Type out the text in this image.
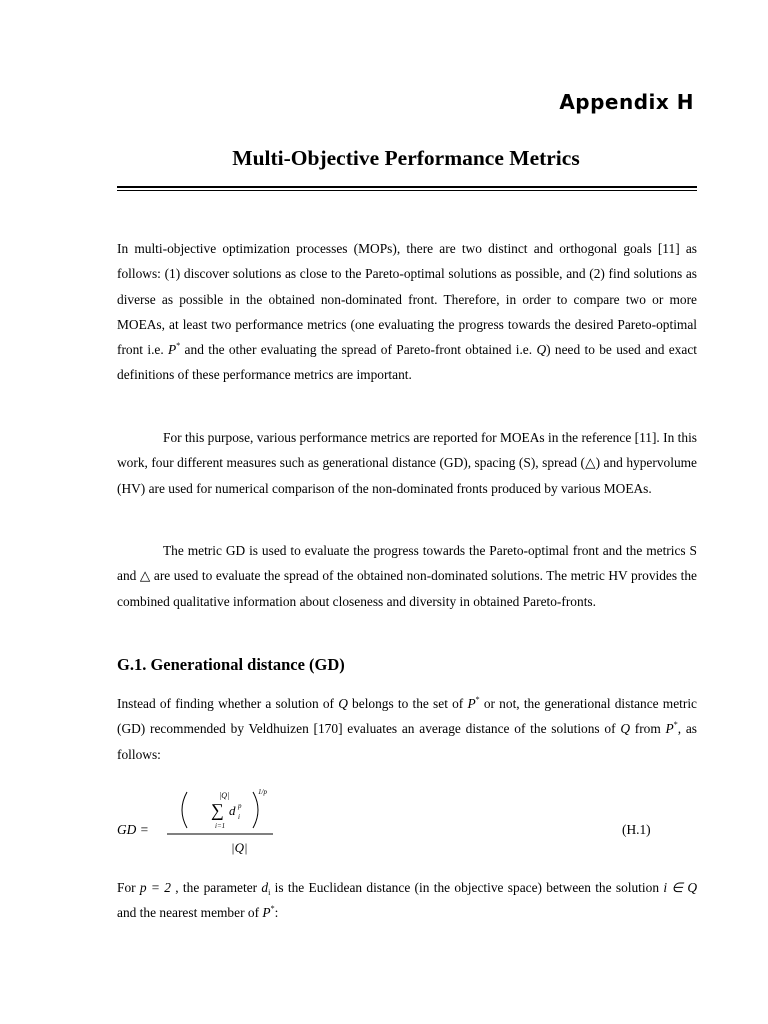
Appendix H
Multi-Objective Performance Metrics

In multi-objective optimization processes (MOPs), there are two distinct and orthogonal goals [11] as follows: (1) discover solutions as close to the Pareto-optimal solutions as possible, and (2) find solutions as diverse as possible in the obtained non-dominated front. Therefore, in order to compare two or more MOEAs, at least two performance metrics (one evaluating the progress towards the desired Pareto-optimal front i.e. P* and the other evaluating the spread of Pareto-front obtained i.e. Q) need to be used and exact definitions of these performance metrics are important.

For this purpose, various performance metrics are reported for MOEAs in the reference [11]. In this work, four different measures such as generational distance (GD), spacing (S), spread (△) and hypervolume (HV) are used for numerical comparison of the non-dominated fronts produced by various MOEAs.

The metric GD is used to evaluate the progress towards the Pareto-optimal front and the metrics S and △ are used to evaluate the spread of the obtained non-dominated solutions. The metric HV provides the combined qualitative information about closeness and diversity in obtained Pareto-fronts.

G.1. Generational distance (GD)

Instead of finding whether a solution of Q belongs to the set of P* or not, the generational distance metric (GD) recommended by Veldhuizen [170] evaluates an average distance of the solutions of Q from P*, as follows:

GD =
|Q|
∑
i=1
d p
i
1/p
|Q|
(H.1)

For p = 2 , the parameter $d_i$ is the Euclidean distance (in the objective space) between the solution i ∈ Q and the nearest member of P*:
